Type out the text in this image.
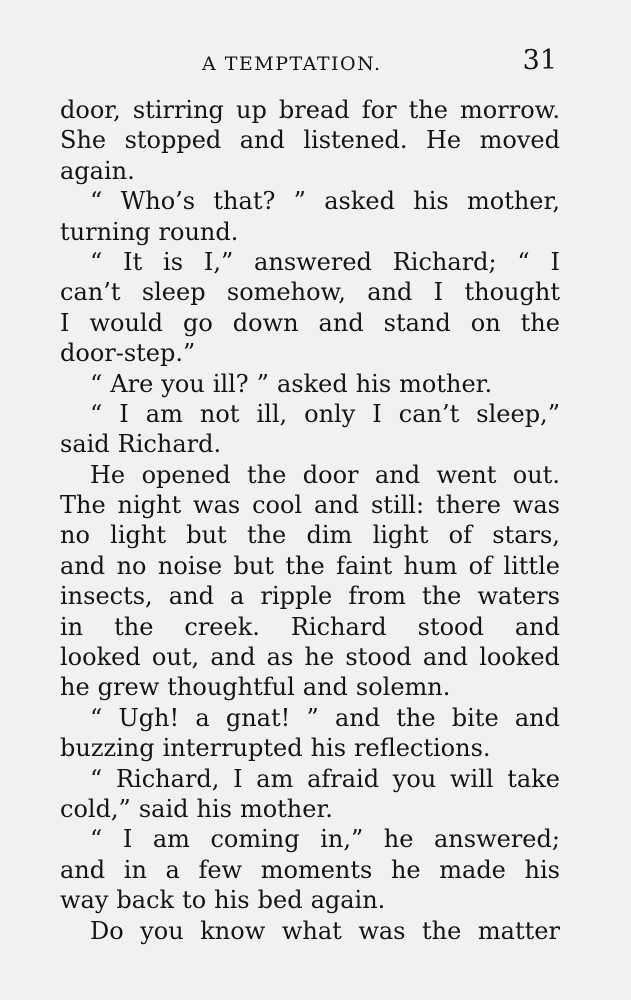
A TEMPTATION.	31
door, stirring up bread for the morrow.
She stopped and listened. He moved
again.
“ Who’s that? ” asked his mother,
turning round.
“ It is I,” answered Richard; “ I
can’t sleep somehow, and I thought
I would go down and stand on the
door-step.”
“ Are you ill? ” asked his mother.
“ I am not ill, only I can’t sleep,”
said Richard.
He opened the door and went out.
The night was cool and still: there was
no light but the dim light of stars,
and no noise but the faint hum of little
insects, and a ripple from the waters
in the creek. Richard stood and
looked out, and as he stood and looked
he grew thoughtful and solemn.
“ Ugh! a gnat! ” and the bite and
buzzing interrupted his reflections.
“ Richard, I am afraid you will take
cold,” said his mother.
“ I am coming in,” he answered;
and in a few moments he made his
way back to his bed again.
Do you know what was the matter
